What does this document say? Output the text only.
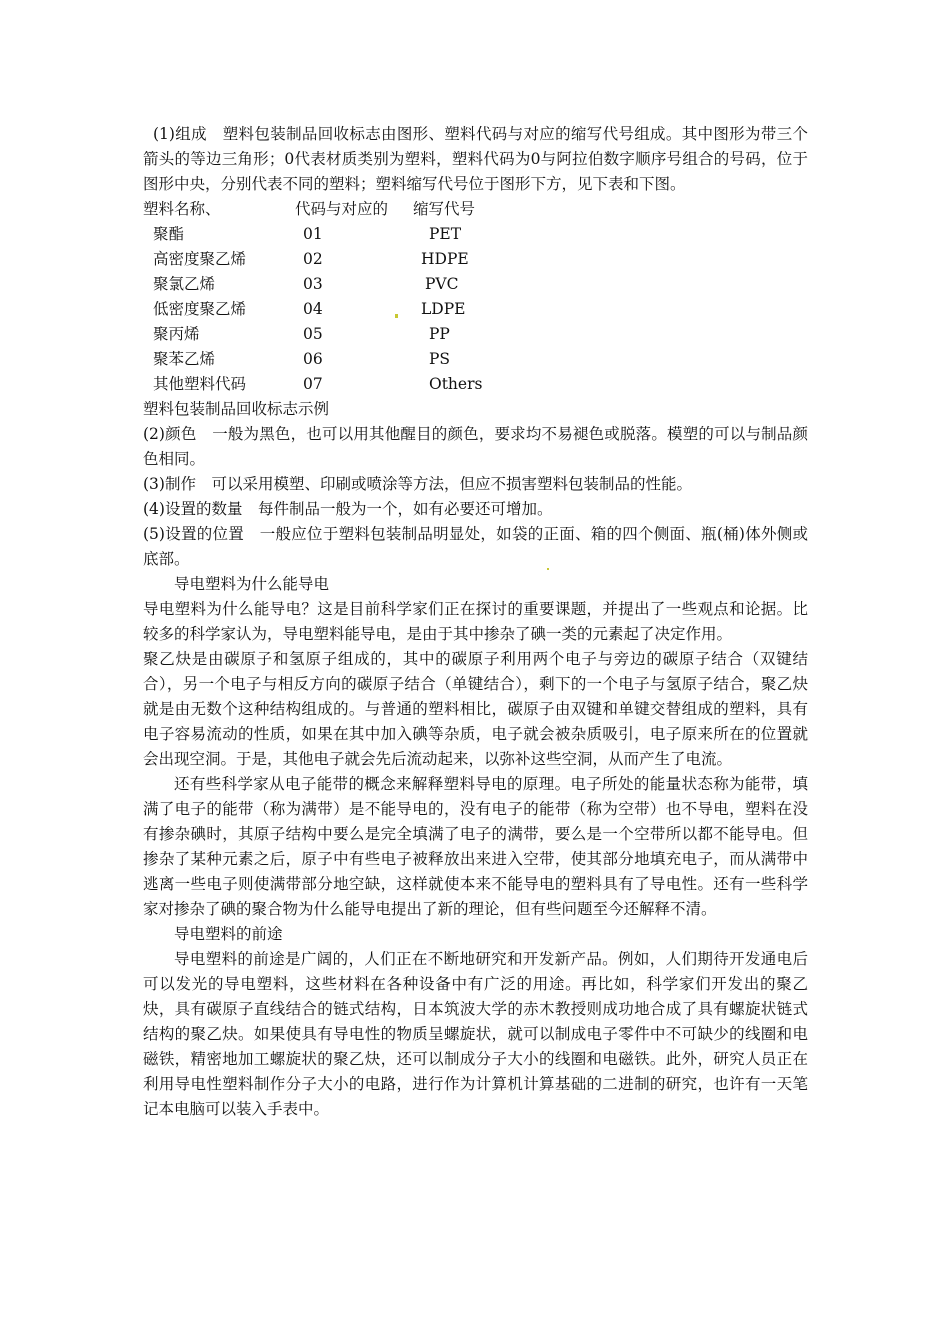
(1)组成　塑料包装制品回收标志由图形、塑料代码与对应的缩写代号组成。其中图形为带三个箭头的等边三角形；0代表材质类别为塑料，塑料代码为0与阿拉伯数字顺序号组合的号码，位于图形中央，分别代表不同的塑料；塑料缩写代号位于图形下方，见下表和下图。

塑料名称、	代码与对应的	缩写代号
聚酯	01	PET
高密度聚乙烯	02	HDPE
聚氯乙烯	03	PVC
低密度聚乙烯	04	LDPE
聚丙烯	05	PP
聚苯乙烯	06	PS
其他塑料代码	07	Others

塑料包装制品回收标志示例

(2)颜色　一般为黑色，也可以用其他醒目的颜色，要求均不易褪色或脱落。模塑的可以与制品颜色相同。

(3)制作　可以采用模塑、印刷或喷涂等方法，但应不损害塑料包装制品的性能。

(4)设置的数量　每件制品一般为一个，如有必要还可增加。

(5)设置的位置　一般应位于塑料包装制品明显处，如袋的正面、箱的四个侧面、瓶(桶)体外侧或底部。

导电塑料为什么能导电

导电塑料为什么能导电？这是目前科学家们正在探讨的重要课题，并提出了一些观点和论据。比较多的科学家认为，导电塑料能导电，是由于其中掺杂了碘一类的元素起了决定作用。

聚乙炔是由碳原子和氢原子组成的，其中的碳原子利用两个电子与旁边的碳原子结合（双键结合），另一个电子与相反方向的碳原子结合（单键结合），剩下的一个电子与氢原子结合，聚乙炔就是由无数个这种结构组成的。与普通的塑料相比，碳原子由双键和单键交替组成的塑料，具有电子容易流动的性质，如果在其中加入碘等杂质，电子就会被杂质吸引，电子原来所在的位置就会出现空洞。于是，其他电子就会先后流动起来，以弥补这些空洞，从而产生了电流。

还有些科学家从电子能带的概念来解释塑料导电的原理。电子所处的能量状态称为能带，填满了电子的能带（称为满带）是不能导电的，没有电子的能带（称为空带）也不导电，塑料在没有掺杂碘时，其原子结构中要么是完全填满了电子的满带，要么是一个空带所以都不能导电。但掺杂了某种元素之后，原子中有些电子被释放出来进入空带，使其部分地填充电子，而从满带中逃离一些电子则使满带部分地空缺，这样就使本来不能导电的塑料具有了导电性。还有一些科学家对掺杂了碘的聚合物为什么能导电提出了新的理论，但有些问题至今还解释不清。

导电塑料的前途

导电塑料的前途是广阔的，人们正在不断地研究和开发新产品。例如，人们期待开发通电后可以发光的导电塑料，这些材料在各种设备中有广泛的用途。再比如，科学家们开发出的聚乙炔，具有碳原子直线结合的链式结构，日本筑波大学的赤木教授则成功地合成了具有螺旋状链式结构的聚乙炔。如果使具有导电性的物质呈螺旋状，就可以制成电子零件中不可缺少的线圈和电磁铁，精密地加工螺旋状的聚乙炔，还可以制成分子大小的线圈和电磁铁。此外，研究人员正在利用导电性塑料制作分子大小的电路，进行作为计算机计算基础的二进制的研究，也许有一天笔记本电脑可以装入手表中。
